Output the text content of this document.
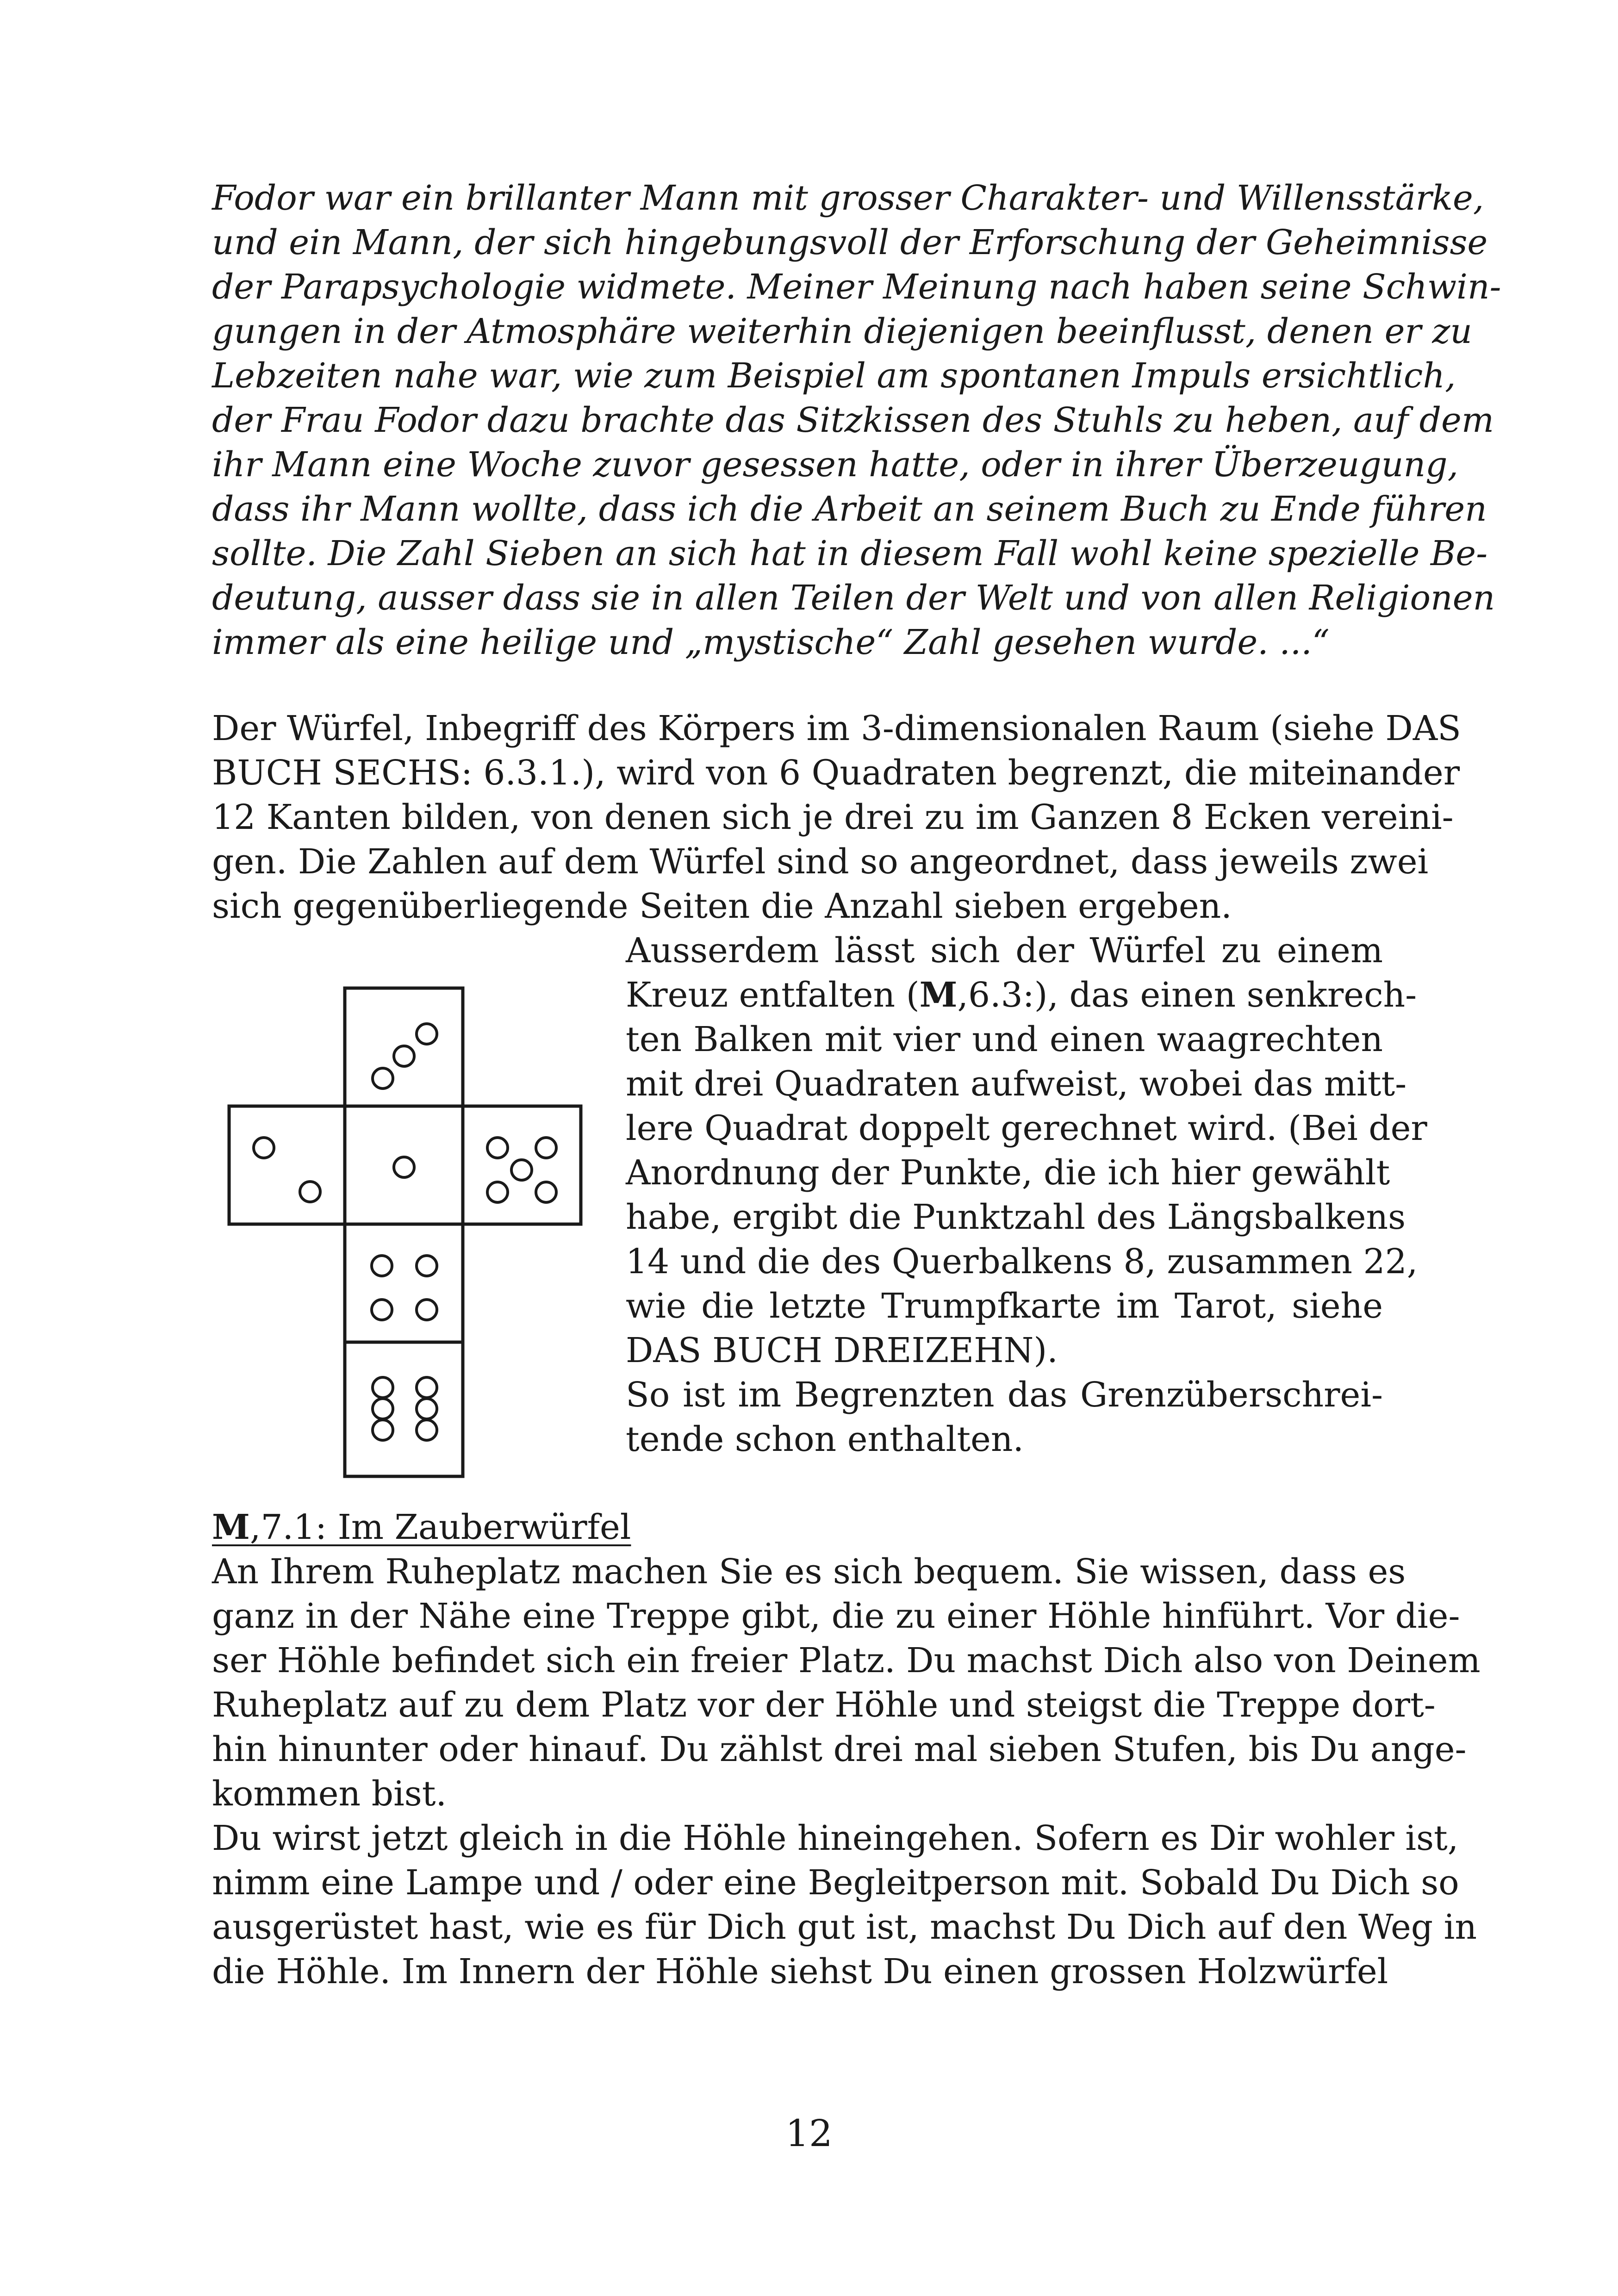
Fodor war ein brillanter Mann mit grosser Charakter- und Willensstärke,
und ein Mann, der sich hingebungsvoll der Erforschung der Geheimnisse
der Parapsychologie widmete. Meiner Meinung nach haben seine Schwin-
gungen in der Atmosphäre weiterhin diejenigen beeinflusst, denen er zu
Lebzeiten nahe war, wie zum Beispiel am spontanen Impuls ersichtlich,
der Frau Fodor dazu brachte das Sitzkissen des Stuhls zu heben, auf dem
ihr Mann eine Woche zuvor gesessen hatte, oder in ihrer Überzeugung,
dass ihr Mann wollte, dass ich die Arbeit an seinem Buch zu Ende führen
sollte. Die Zahl Sieben an sich hat in diesem Fall wohl keine spezielle Be-
deutung, ausser dass sie in allen Teilen der Welt und von allen Religionen
immer als eine heilige und „mystische“ Zahl gesehen wurde. ...“
Der Würfel, Inbegriff des Körpers im 3-dimensionalen Raum (siehe DAS
BUCH SECHS: 6.3.1.), wird von 6 Quadraten begrenzt, die miteinander
12 Kanten bilden, von denen sich je drei zu im Ganzen 8 Ecken vereini-
gen. Die Zahlen auf dem Würfel sind so angeordnet, dass jeweils zwei
sich gegenüberliegende Seiten die Anzahl sieben ergeben.
Ausserdem lässt sich der Würfel zu einem
Kreuz entfalten (M,6.3:), das einen senkrech-
ten Balken mit vier und einen waagrechten
mit drei Quadraten aufweist, wobei das mitt-
lere Quadrat doppelt gerechnet wird. (Bei der
Anordnung der Punkte, die ich hier gewählt
habe, ergibt die Punktzahl des Längsbalkens
14 und die des Querbalkens 8, zusammen 22,
wie die letzte Trumpfkarte im Tarot, siehe
DAS BUCH DREIZEHN).
So ist im Begrenzten das Grenzüberschrei-
tende schon enthalten.
M,7.1: Im Zauberwürfel
An Ihrem Ruheplatz machen Sie es sich bequem. Sie wissen, dass es
ganz in der Nähe eine Treppe gibt, die zu einer Höhle hinführt. Vor die-
ser Höhle befindet sich ein freier Platz. Du machst Dich also von Deinem
Ruheplatz auf zu dem Platz vor der Höhle und steigst die Treppe dort-
hin hinunter oder hinauf. Du zählst drei mal sieben Stufen, bis Du ange-
kommen bist.
Du wirst jetzt gleich in die Höhle hineingehen. Sofern es Dir wohler ist,
nimm eine Lampe und / oder eine Begleitperson mit. Sobald Du Dich so
ausgerüstet hast, wie es für Dich gut ist, machst Du Dich auf den Weg in
die Höhle. Im Innern der Höhle siehst Du einen grossen Holzwürfel
12
